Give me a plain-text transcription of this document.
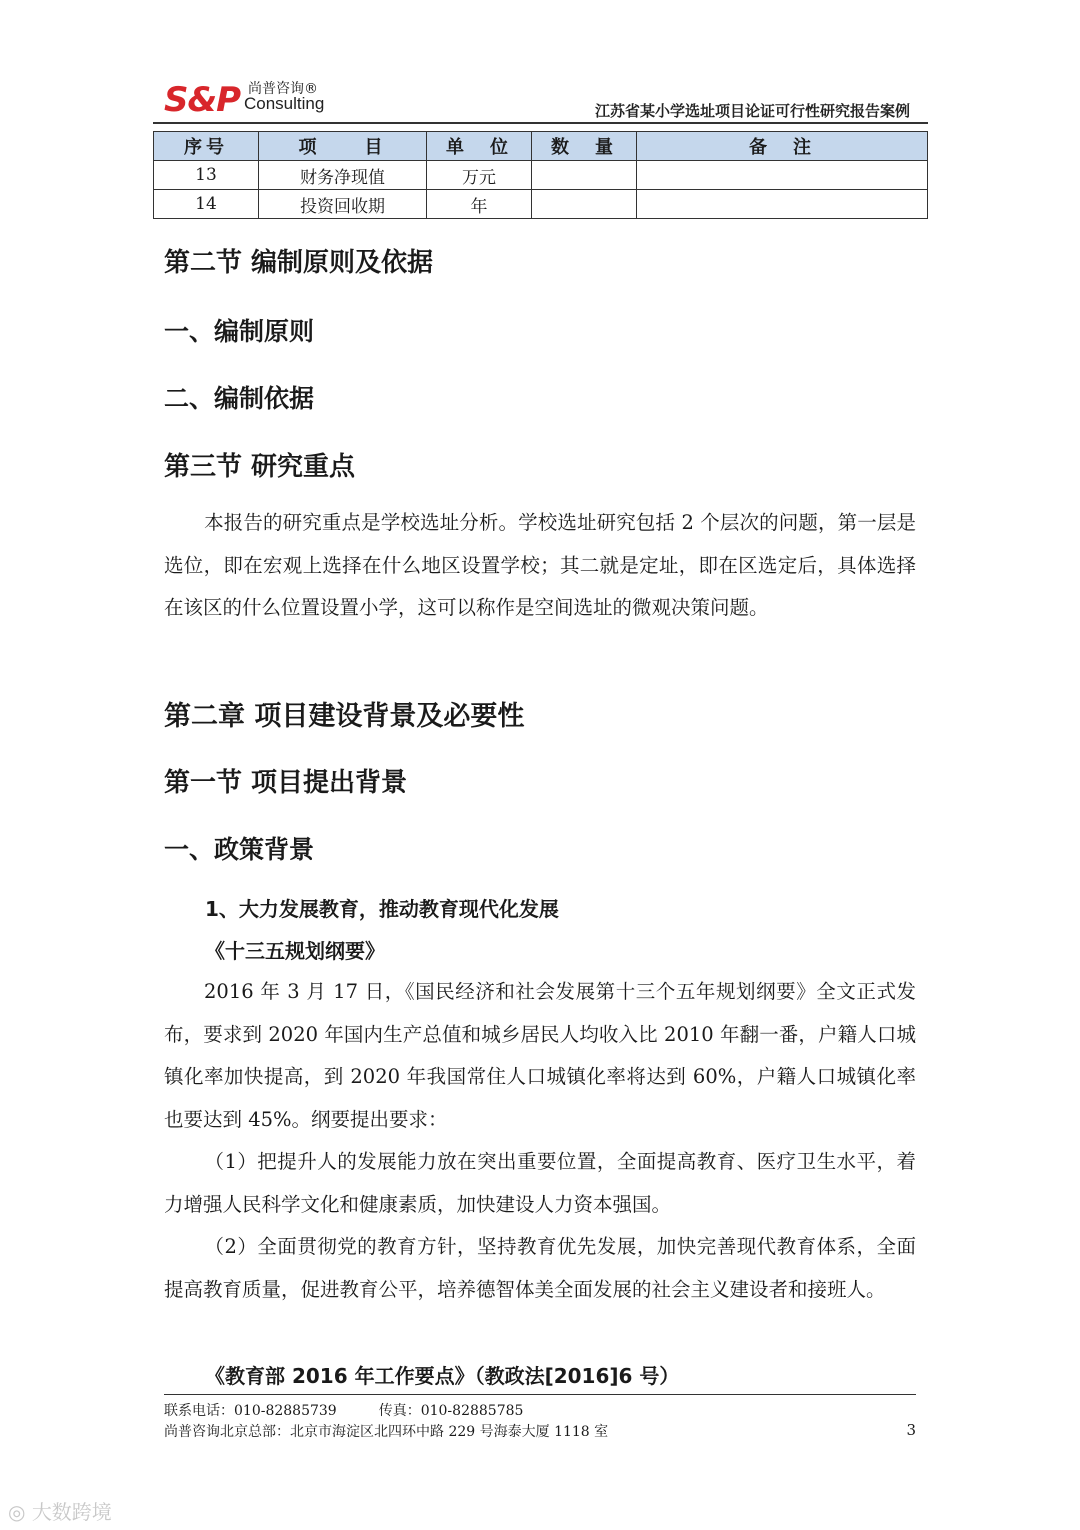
S&P 尚普咨询®
Consulting	江苏省某小学选址项目论证可行性研究报告案例
序号	项　　目	单　位	数　量	备　注
13	财务净现值	万元		
14	投资回收期	年		
第二节 编制原则及依据
一、编制原则
二、编制依据
第三节 研究重点
本报告的研究重点是学校选址分析。学校选址研究包括 2 个层次的问题，第一层是选位，即在宏观上选择在什么地区设置学校；其二就是定址，即在区选定后，具体选择在该区的什么位置设置小学，这可以称作是空间选址的微观决策问题。
第二章 项目建设背景及必要性
第一节 项目提出背景
一、政策背景
1、大力发展教育，推动教育现代化发展
《十三五规划纲要》
2016 年 3 月 17 日，《国民经济和社会发展第十三个五年规划纲要》全文正式发布，要求到 2020 年国内生产总值和城乡居民人均收入比 2010 年翻一番，户籍人口城镇化率加快提高，到 2020 年我国常住人口城镇化率将达到 60%，户籍人口城镇化率也要达到 45%。纲要提出要求：
（1）把提升人的发展能力放在突出重要位置，全面提高教育、医疗卫生水平，着力增强人民科学文化和健康素质，加快建设人力资本强国。
（2）全面贯彻党的教育方针，坚持教育优先发展，加快完善现代教育体系，全面提高教育质量，促进教育公平，培养德智体美全面发展的社会主义建设者和接班人。
《教育部 2016 年工作要点》（教政法[2016]6 号）
联系电话：010-82885739　　　传真：010-82885785
尚普咨询北京总部：北京市海淀区北四环中路 229 号海泰大厦 1118 室	3
◎ 大数跨境
